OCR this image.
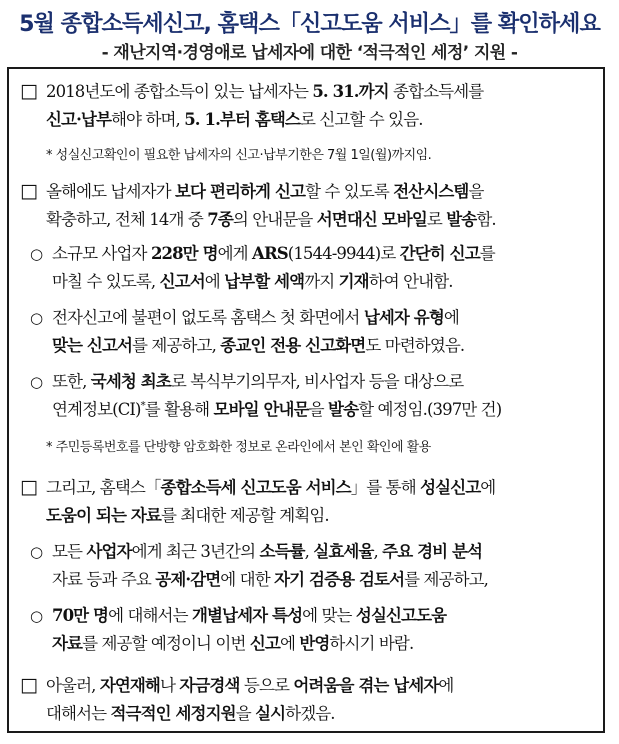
5월 종합소득세신고, 홈택스「신고도움 서비스」를 확인하세요
- 재난지역·경영애로 납세자에 대한 ‘적극적인 세정’ 지원 -
□ 2018년도에 종합소득이 있는 납세자는 5. 31.까지 종합소득세를
신고·납부해야 하며, 5. 1.부터 홈택스로 신고할 수 있음.
* 성실신고확인이 필요한 납세자의 신고·납부기한은 7월 1일(월)까지임.
□ 올해에도 납세자가 보다 편리하게 신고할 수 있도록 전산시스템을
확충하고, 전체 14개 중 7종의 안내문을 서면대신 모바일로 발송함.
○ 소규모 사업자 228만 명에게 ARS(1544-9944)로 간단히 신고를
마칠 수 있도록, 신고서에 납부할 세액까지 기재하여 안내함.
○ 전자신고에 불편이 없도록 홈택스 첫 화면에서 납세자 유형에
맞는 신고서를 제공하고, 종교인 전용 신고화면도 마련하였음.
○ 또한, 국세청 최초로 복식부기의무자, 비사업자 등을 대상으로
연계정보(CI)*를 활용해 모바일 안내문을 발송할 예정임.(397만 건)
* 주민등록번호를 단방향 암호화한 정보로 온라인에서 본인 확인에 활용
□ 그리고, 홈택스「종합소득세 신고도움 서비스」를 통해 성실신고에
도움이 되는 자료를 최대한 제공할 계획임.
○ 모든 사업자에게 최근 3년간의 소득률, 실효세율, 주요 경비 분석
자료 등과 주요 공제·감면에 대한 자기 검증용 검토서를 제공하고,
○ 70만 명에 대해서는 개별납세자 특성에 맞는 성실신고도움
자료를 제공할 예정이니 이번 신고에 반영하시기 바람.
□ 아울러, 자연재해나 자금경색 등으로 어려움을 겪는 납세자에
대해서는 적극적인 세정지원을 실시하겠음.
